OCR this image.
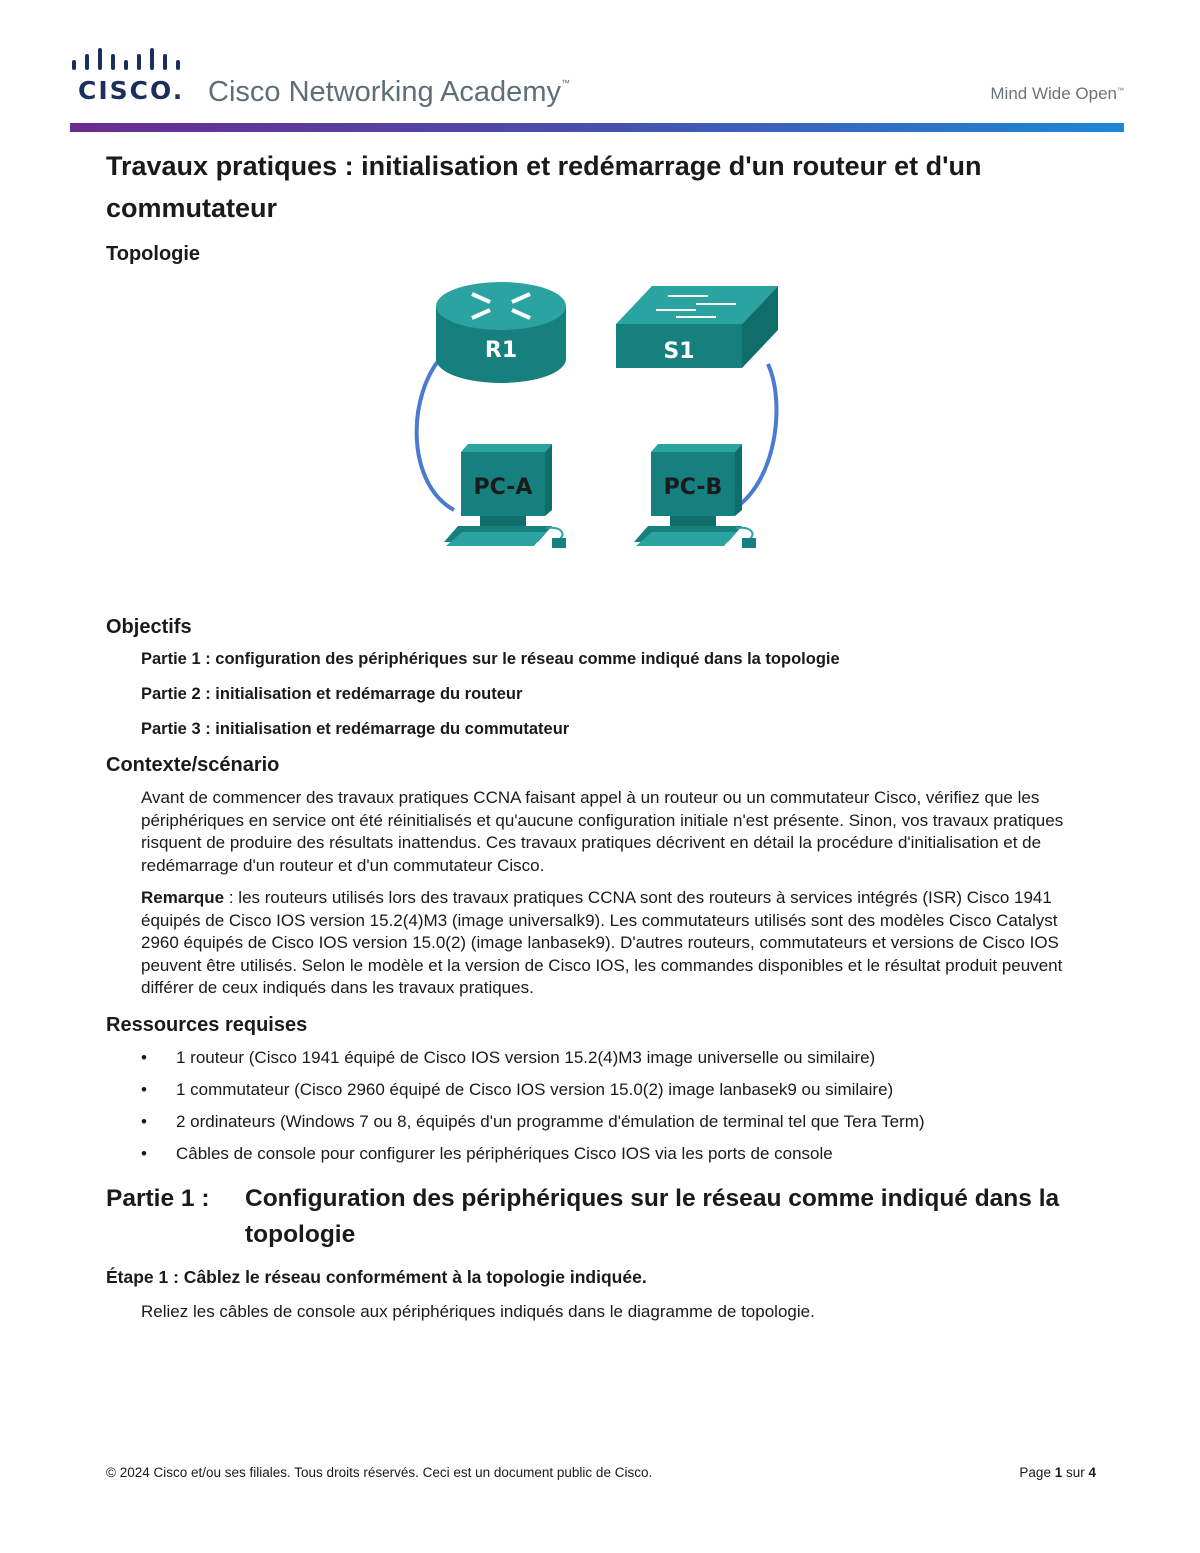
CISCO. Cisco Networking Academy™
Mind Wide Open™
Travaux pratiques : initialisation et redémarrage d'un routeur et d'un commutateur
Topologie
R1	S1
PC-A	PC-B
Objectifs
Partie 1 : configuration des périphériques sur le réseau comme indiqué dans la topologie
Partie 2 : initialisation et redémarrage du routeur
Partie 3 : initialisation et redémarrage du commutateur
Contexte/scénario

Avant de commencer des travaux pratiques CCNA faisant appel à un routeur ou un commutateur Cisco, vérifiez que les périphériques en service ont été réinitialisés et qu'aucune configuration initiale n'est présente. Sinon, vos travaux pratiques risquent de produire des résultats inattendus. Ces travaux pratiques décrivent en détail la procédure d'initialisation et de redémarrage d'un routeur et d'un commutateur Cisco.

Remarque : les routeurs utilisés lors des travaux pratiques CCNA sont des routeurs à services intégrés (ISR) Cisco 1941 équipés de Cisco IOS version 15.2(4)M3 (image universalk9). Les commutateurs utilisés sont des modèles Cisco Catalyst 2960 équipés de Cisco IOS version 15.0(2) (image lanbasek9). D'autres routeurs, commutateurs et versions de Cisco IOS peuvent être utilisés. Selon le modèle et la version de Cisco IOS, les commandes disponibles et le résultat produit peuvent différer de ceux indiqués dans les travaux pratiques.

Ressources requises
• 1 routeur (Cisco 1941 équipé de Cisco IOS version 15.2(4)M3 image universelle ou similaire)
• 1 commutateur (Cisco 2960 équipé de Cisco IOS version 15.0(2) image lanbasek9 ou similaire)
• 2 ordinateurs (Windows 7 ou 8, équipés d'un programme d'émulation de terminal tel que Tera Term)
• Câbles de console pour configurer les périphériques Cisco IOS via les ports de console
Partie 1 :	Configuration des périphériques sur le réseau comme indiqué dans la topologie
Étape 1 : Câblez le réseau conformément à la topologie indiquée.
Reliez les câbles de console aux périphériques indiqués dans le diagramme de topologie.
© 2024 Cisco et/ou ses filiales. Tous droits réservés. Ceci est un document public de Cisco.	Page 1 sur 4
